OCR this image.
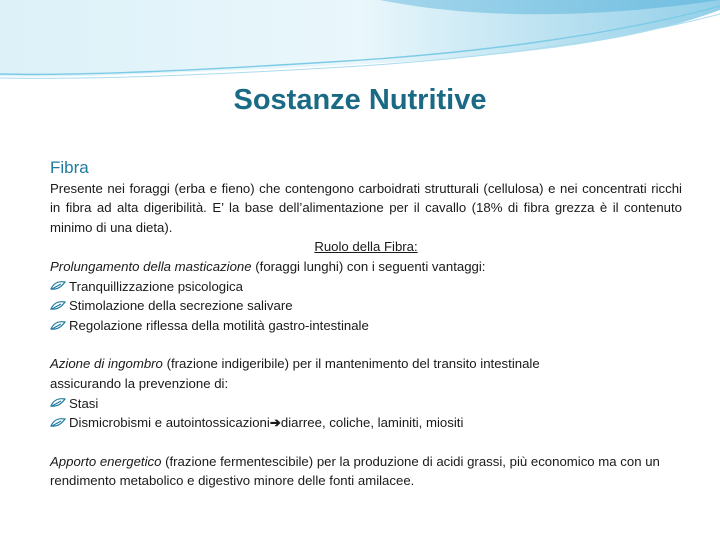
Sostanze Nutritive
Fibra
Presente nei foraggi (erba e fieno) che contengono carboidrati strutturali (cellulosa) e nei concentrati ricchi in fibra ad alta digeribilità. E’ la base dell’alimentazione per il cavallo (18% di fibra grezza è il contenuto minimo di una dieta).
Ruolo della Fibra:
Prolungamento della masticazione (foraggi lunghi) con i seguenti vantaggi:
Tranquillizzazione psicologica
Stimolazione della secrezione salivare
Regolazione riflessa della motilità gastro-intestinale
Azione di ingombro (frazione indigeribile) per il mantenimento del transito intestinale
assicurando la prevenzione di:
Stasi
Dismicrobismi e autointossicazioni ➔ diarree, coliche, laminiti, miositi
Apporto energetico (frazione fermentescibile) per la produzione di acidi grassi, più economico ma con un rendimento metabolico e digestivo minore delle fonti amilacee.
